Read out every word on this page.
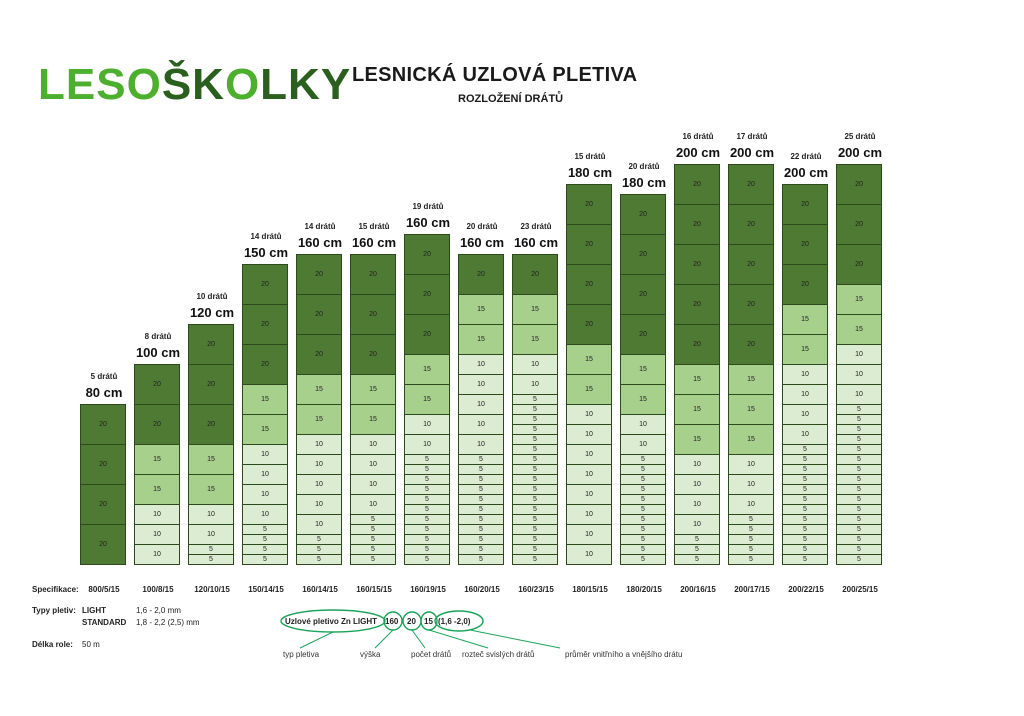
LESOŠKOLKY LESNICKÁ UZLOVÁ PLETIVA
ROZLOŽENÍ DRÁTŮ
5 drátů
80 cm
20
20
20
20
800/5/15
8 drátů
100 cm
20
20
15
15
10
10
10
100/8/15
10 drátů
120 cm
20
20
20
15
15
10
10
5
5
120/10/15
14 drátů
150 cm
20
20
20
15
15
10
10
10
10
5
5
5
5
150/14/15
14 drátů
160 cm
20
20
20
15
15
10
10
10
10
10
5
5
5
160/14/15
15 drátů
160 cm
20
20
20
15
15
10
10
10
10
5
5
5
5
5
160/15/15
19 drátů
160 cm
20
20
20
15
15
10
10
5
5
5
5
5
5
5
5
5
5
5
160/19/15
20 drátů
160 cm
20
15
15
10
10
10
10
10
5
5
5
5
5
5
5
5
5
5
5
160/20/15
23 drátů
160 cm
20
15
15
10
10
5
5
5
5
5
5
5
5
5
5
5
5
5
5
5
5
5
160/23/15
15 drátů
180 cm
20
20
20
20
15
15
10
10
10
10
10
10
10
10
180/15/15
20 drátů
180 cm
20
20
20
20
15
15
10
10
5
5
5
5
5
5
5
5
5
5
5
180/20/15
16 drátů
200 cm
20
20
20
20
20
15
15
15
10
10
10
10
5
5
5
200/16/15
17 drátů
200 cm
20
20
20
20
20
15
15
15
10
10
10
5
5
5
5
5
200/17/15
22 drátů
200 cm
20
20
20
15
15
10
10
10
10
5
5
5
5
5
5
5
5
5
5
5
5
200/22/15
25 drátů
200 cm
20
20
20
15
15
10
10
10
5
5
5
5
5
5
5
5
5
5
5
5
5
5
5
5
200/25/15
Specifikace:
Typy pletiv: LIGHT	1,6 - 2,0 mm
STANDARD 1,8 - 2,2 (2,5) mm
Délka role: 50 m
Uzlové pletivo Zn LIGHT 160 20 15 (1,6 -2,0)
typ pletiva	výška	počet drátů rozteč svislých drátů	průměr vnitřního a vnějšího drátu
